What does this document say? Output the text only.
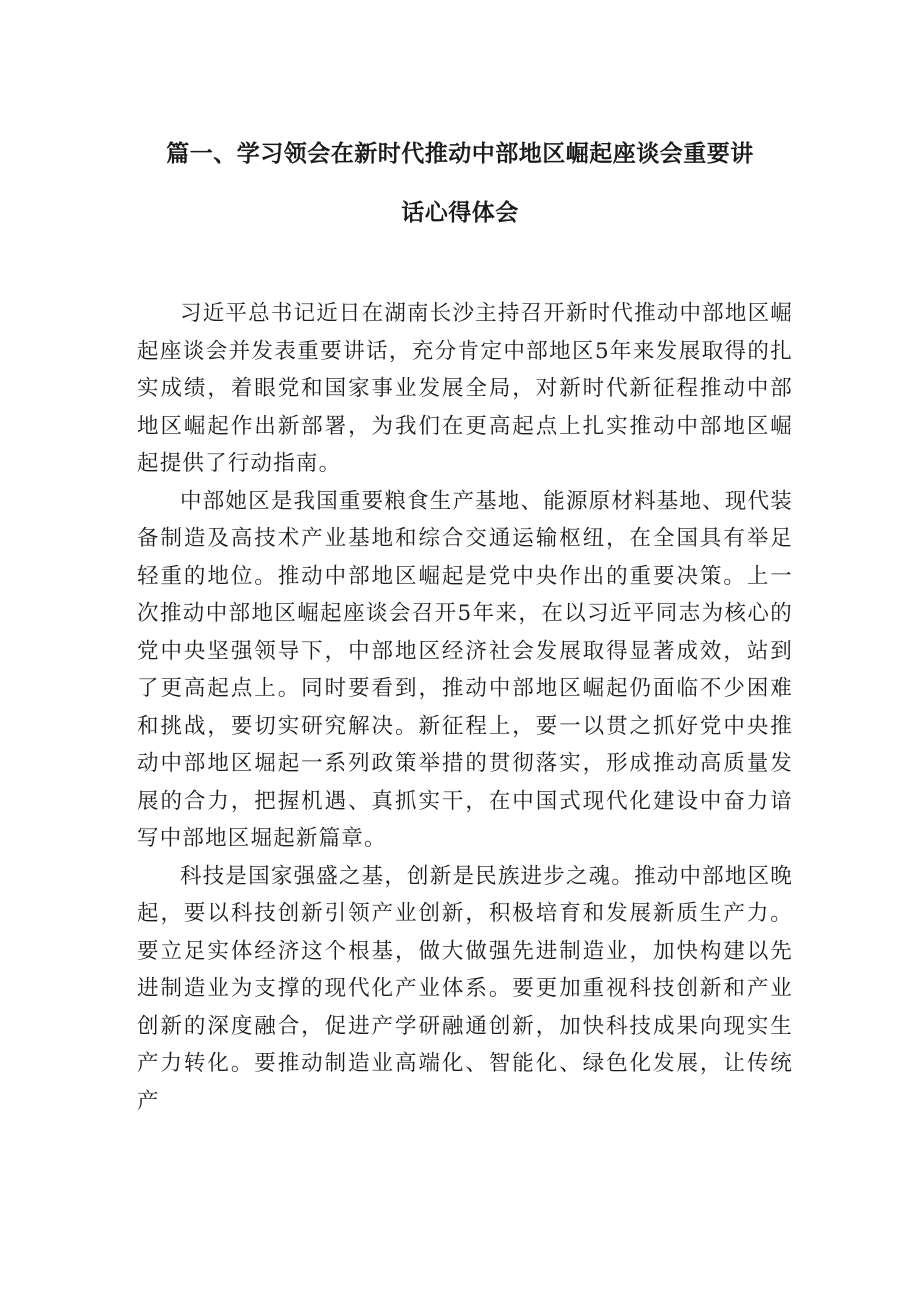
篇一、学习领会在新时代推动中部地区崛起座谈会重要讲
话心得体会

习近平总书记近日在湖南长沙主持召开新时代推动中部地区崛起座谈会并发表重要讲话，充分肯定中部地区5年来发展取得的扎实成绩，着眼党和国家事业发展全局，对新时代新征程推动中部地区崛起作出新部署，为我们在更高起点上扎实推动中部地区崛起提供了行动指南。

中部她区是我国重要粮食生产基地、能源原材料基地、现代装备制造及高技术产业基地和综合交通运输枢纽，在全国具有举足轻重的地位。推动中部地区崛起是党中央作出的重要决策。上一次推动中部地区崛起座谈会召开5年来，在以习近平同志为核心的党中央坚强领导下，中部地区经济社会发展取得显著成效，站到了更高起点上。同时要看到，推动中部地区崛起仍面临不少困难和挑战，要切实研究解决。新征程上，要一以贯之抓好党中央推动中部地区堀起一系列政策举措的贯彻落实，形成推动高质量发展的合力，把握机遇、真抓实干，在中国式现代化建设中奋力谙写中部地区堀起新篇章。

科技是国家强盛之基，创新是民族进步之魂。推动中部地区晚起，要以科技创新引领产业创新，积极培育和发展新质生产力。要立足实体经济这个根基，做大做强先进制造业，加快构建以先进制造业为支撑的现代化产业体系。要更加重视科技创新和产业创新的深度融合，促进产学研融通创新，加快科技成果向现实生产力转化。要推动制造业高端化、智能化、绿色化发展，让传统产
